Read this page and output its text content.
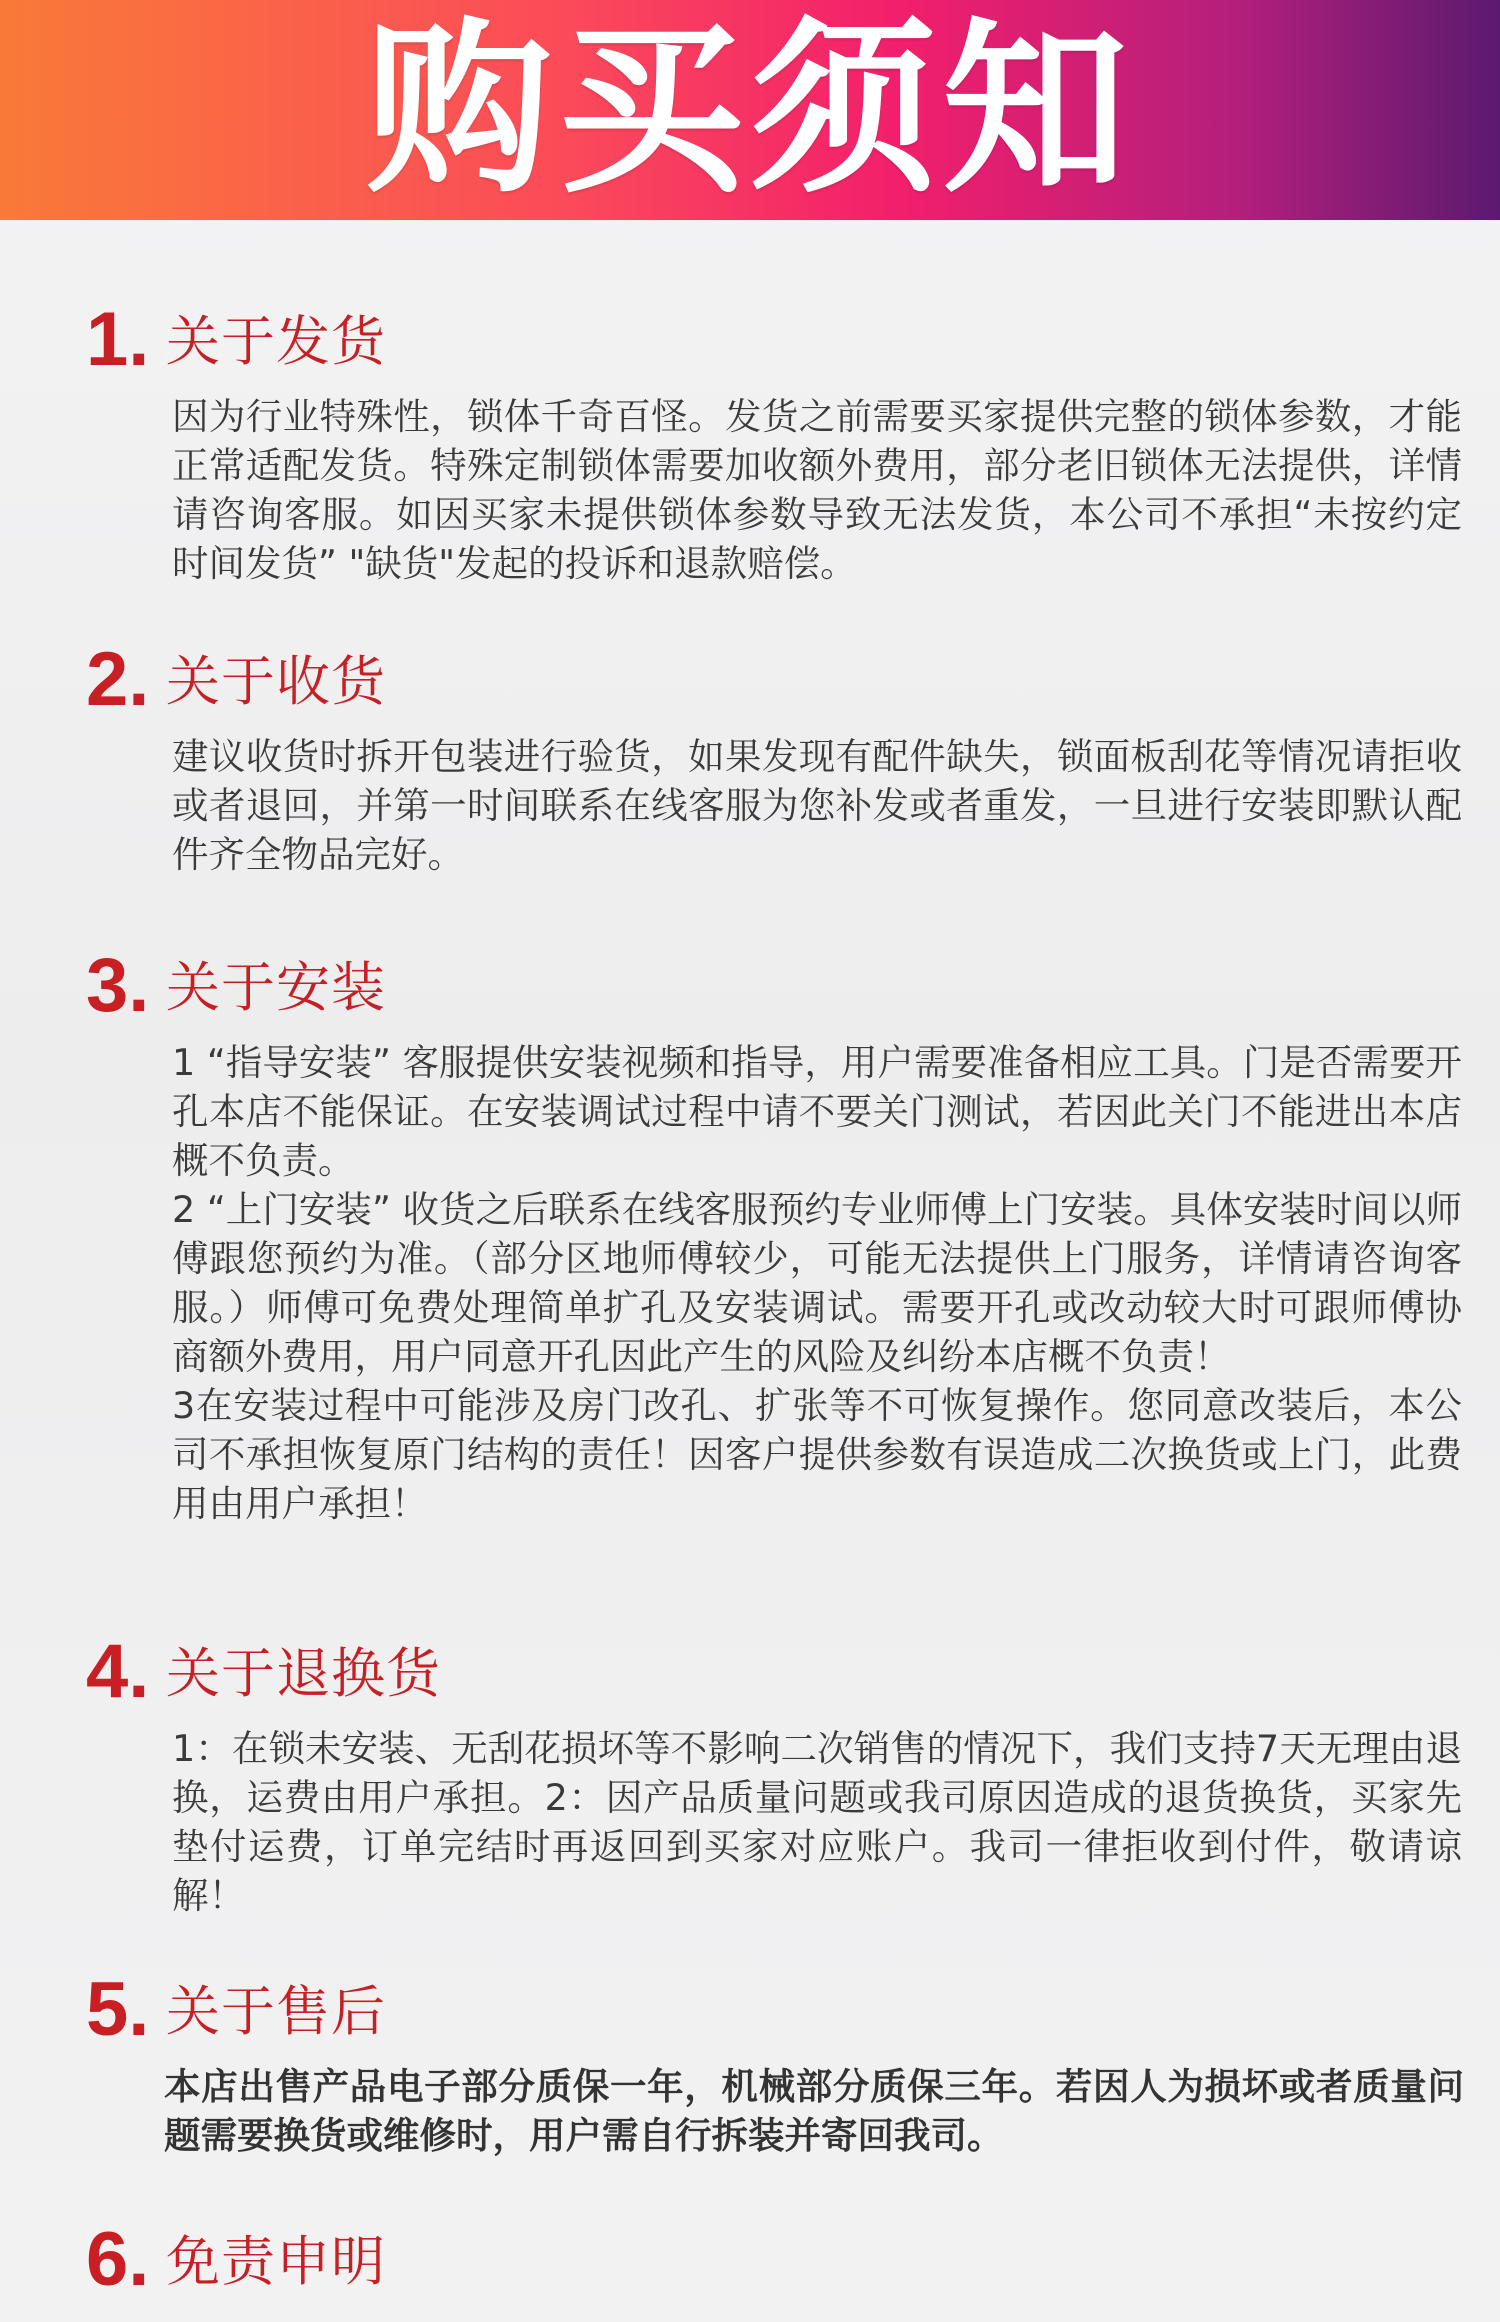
购买须知
1. 关于发货

因为行业特殊性，锁体千奇百怪。发货之前需要买家提供完整的锁体参数，才能正常适配发货。特殊定制锁体需要加收额外费用，部分老旧锁体无法提供，详情请咨询客服。如因买家未提供锁体参数导致无法发货，本公司不承担“未按约定时间发货” "缺货"发起的投诉和退款赔偿。

2. 关于收货

建议收货时拆开包装进行验货，如果发现有配件缺失，锁面板刮花等情况请拒收或者退回，并第一时间联系在线客服为您补发或者重发，一旦进行安装即默认配件齐全物品完好。

3. 关于安装

1 “指导安装” 客服提供安装视频和指导，用户需要准备相应工具。门是否需要开孔本店不能保证。在安装调试过程中请不要关门测试，若因此关门不能进出本店概不负责。

2 “上门安装” 收货之后联系在线客服预约专业师傅上门安装。具体安装时间以师傅跟您预约为准。（部分区地师傅较少，可能无法提供上门服务，详情请咨询客服。）师傅可免费处理简单扩孔及安装调试。需要开孔或改动较大时可跟师傅协商额外费用，用户同意开孔因此产生的风险及纠纷本店概不负责！

3在安装过程中可能涉及房门改孔、扩张等不可恢复操作。您同意改装后，本公司不承担恢复原门结构的责任！因客户提供参数有误造成二次换货或上门，此费用由用户承担！

4. 关于退换货

1：在锁未安装、无刮花损坏等不影响二次销售的情况下，我们支持7天无理由退换，运费由用户承担。2：因产品质量问题或我司原因造成的退货换货，买家先垫付运费，订单完结时再返回到买家对应账户。我司一律拒收到付件，敬请谅解！

5. 关于售后

本店出售产品电子部分质保一年，机械部分质保三年。若因人为损坏或者质量问题需要换货或维修时，用户需自行拆装并寄回我司。

6. 免责申明
